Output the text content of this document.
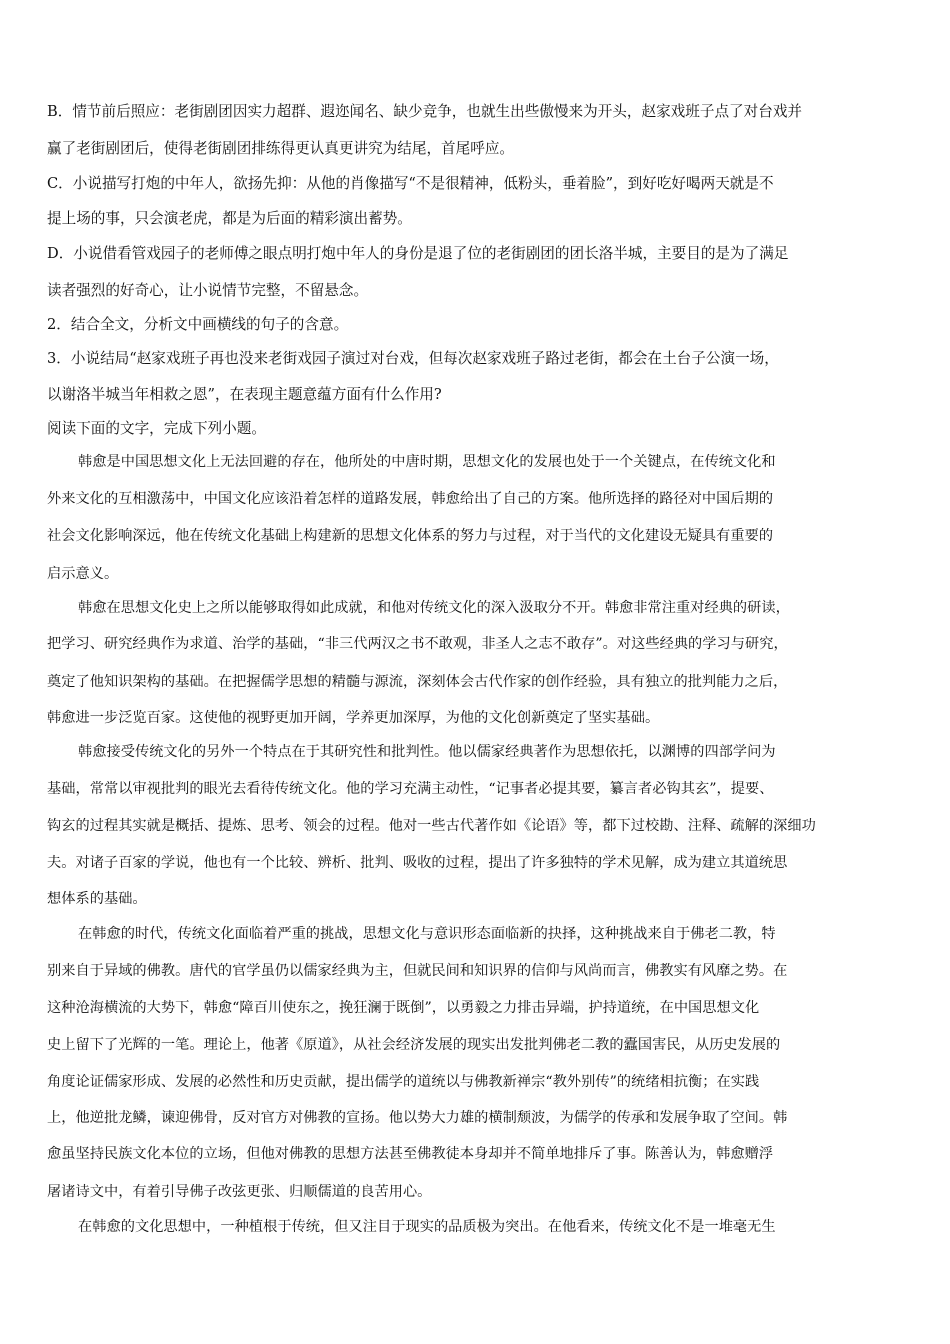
B．情节前后照应：老街剧团因实力超群、遐迩闻名、缺少竞争，也就生出些傲慢来为开头，赵家戏班子点了对台戏并
赢了老街剧团后，使得老街剧团排练得更认真更讲究为结尾，首尾呼应。
C．小说描写打炮的中年人，欲扬先抑：从他的肖像描写“不是很精神，低粉头，垂着脸”，到好吃好喝两天就是不
提上场的事，只会演老虎，都是为后面的精彩演出蓄势。
D．小说借看管戏园子的老师傅之眼点明打炮中年人的身份是退了位的老街剧团的团长洛半城，主要目的是为了满足
读者强烈的好奇心，让小说情节完整，不留悬念。
2．结合全文，分析文中画横线的句子的含意。
3．小说结局“赵家戏班子再也没来老街戏园子演过对台戏，但每次赵家戏班子路过老街，都会在土台子公演一场，
以谢洛半城当年相救之恩”，在表现主题意蕴方面有什么作用?
阅读下面的文字，完成下列小题。
韩愈是中国思想文化上无法回避的存在，他所处的中唐时期，思想文化的发展也处于一个关键点，在传统文化和
外来文化的互相激荡中，中国文化应该沿着怎样的道路发展，韩愈给出了自己的方案。他所选择的路径对中国后期的
社会文化影响深远，他在传统文化基础上构建新的思想文化体系的努力与过程，对于当代的文化建设无疑具有重要的
启示意义。
韩愈在思想文化史上之所以能够取得如此成就，和他对传统文化的深入汲取分不开。韩愈非常注重对经典的研读，
把学习、研究经典作为求道、治学的基础，“非三代两汉之书不敢观，非圣人之志不敢存”。对这些经典的学习与研究，
奠定了他知识架构的基础。在把握儒学思想的精髓与源流，深刻体会古代作家的创作经验，具有独立的批判能力之后，
韩愈进一步泛览百家。这使他的视野更加开阔，学养更加深厚，为他的文化创新奠定了坚实基础。
韩愈接受传统文化的另外一个特点在于其研究性和批判性。他以儒家经典著作为思想依托，以渊博的四部学问为
基础，常常以审视批判的眼光去看待传统文化。他的学习充满主动性，“记事者必提其要，纂言者必钩其玄”，提要、
钩玄的过程其实就是概括、提炼、思考、领会的过程。他对一些古代著作如《论语》等，都下过校勘、注释、疏解的深细功
夫。对诸子百家的学说，他也有一个比较、辨析、批判、吸收的过程，提出了许多独特的学术见解，成为建立其道统思
想体系的基础。
在韩愈的时代，传统文化面临着严重的挑战，思想文化与意识形态面临新的抉择，这种挑战来自于佛老二教，特
别来自于异域的佛教。唐代的官学虽仍以儒家经典为主，但就民间和知识界的信仰与风尚而言，佛教实有风靡之势。在
这种沧海横流的大势下，韩愈“障百川使东之，挽狂澜于既倒”，以勇毅之力排击异端，护持道统，在中国思想文化
史上留下了光辉的一笔。理论上，他著《原道》，从社会经济发展的现实出发批判佛老二教的蠹国害民，从历史发展的
角度论证儒家形成、发展的必然性和历史贡献，提出儒学的道统以与佛教新禅宗“教外别传”的统绪相抗衡；在实践
上，他逆批龙鳞，谏迎佛骨，反对官方对佛教的宣扬。他以势大力雄的横制颓波，为儒学的传承和发展争取了空间。韩
愈虽坚持民族文化本位的立场，但他对佛教的思想方法甚至佛教徒本身却并不简单地排斥了事。陈善认为，韩愈赠浮
屠诸诗文中，有着引导佛子改弦更张、归顺儒道的良苦用心。
在韩愈的文化思想中，一种植根于传统，但又注目于现实的品质极为突出。在他看来，传统文化不是一堆毫无生
